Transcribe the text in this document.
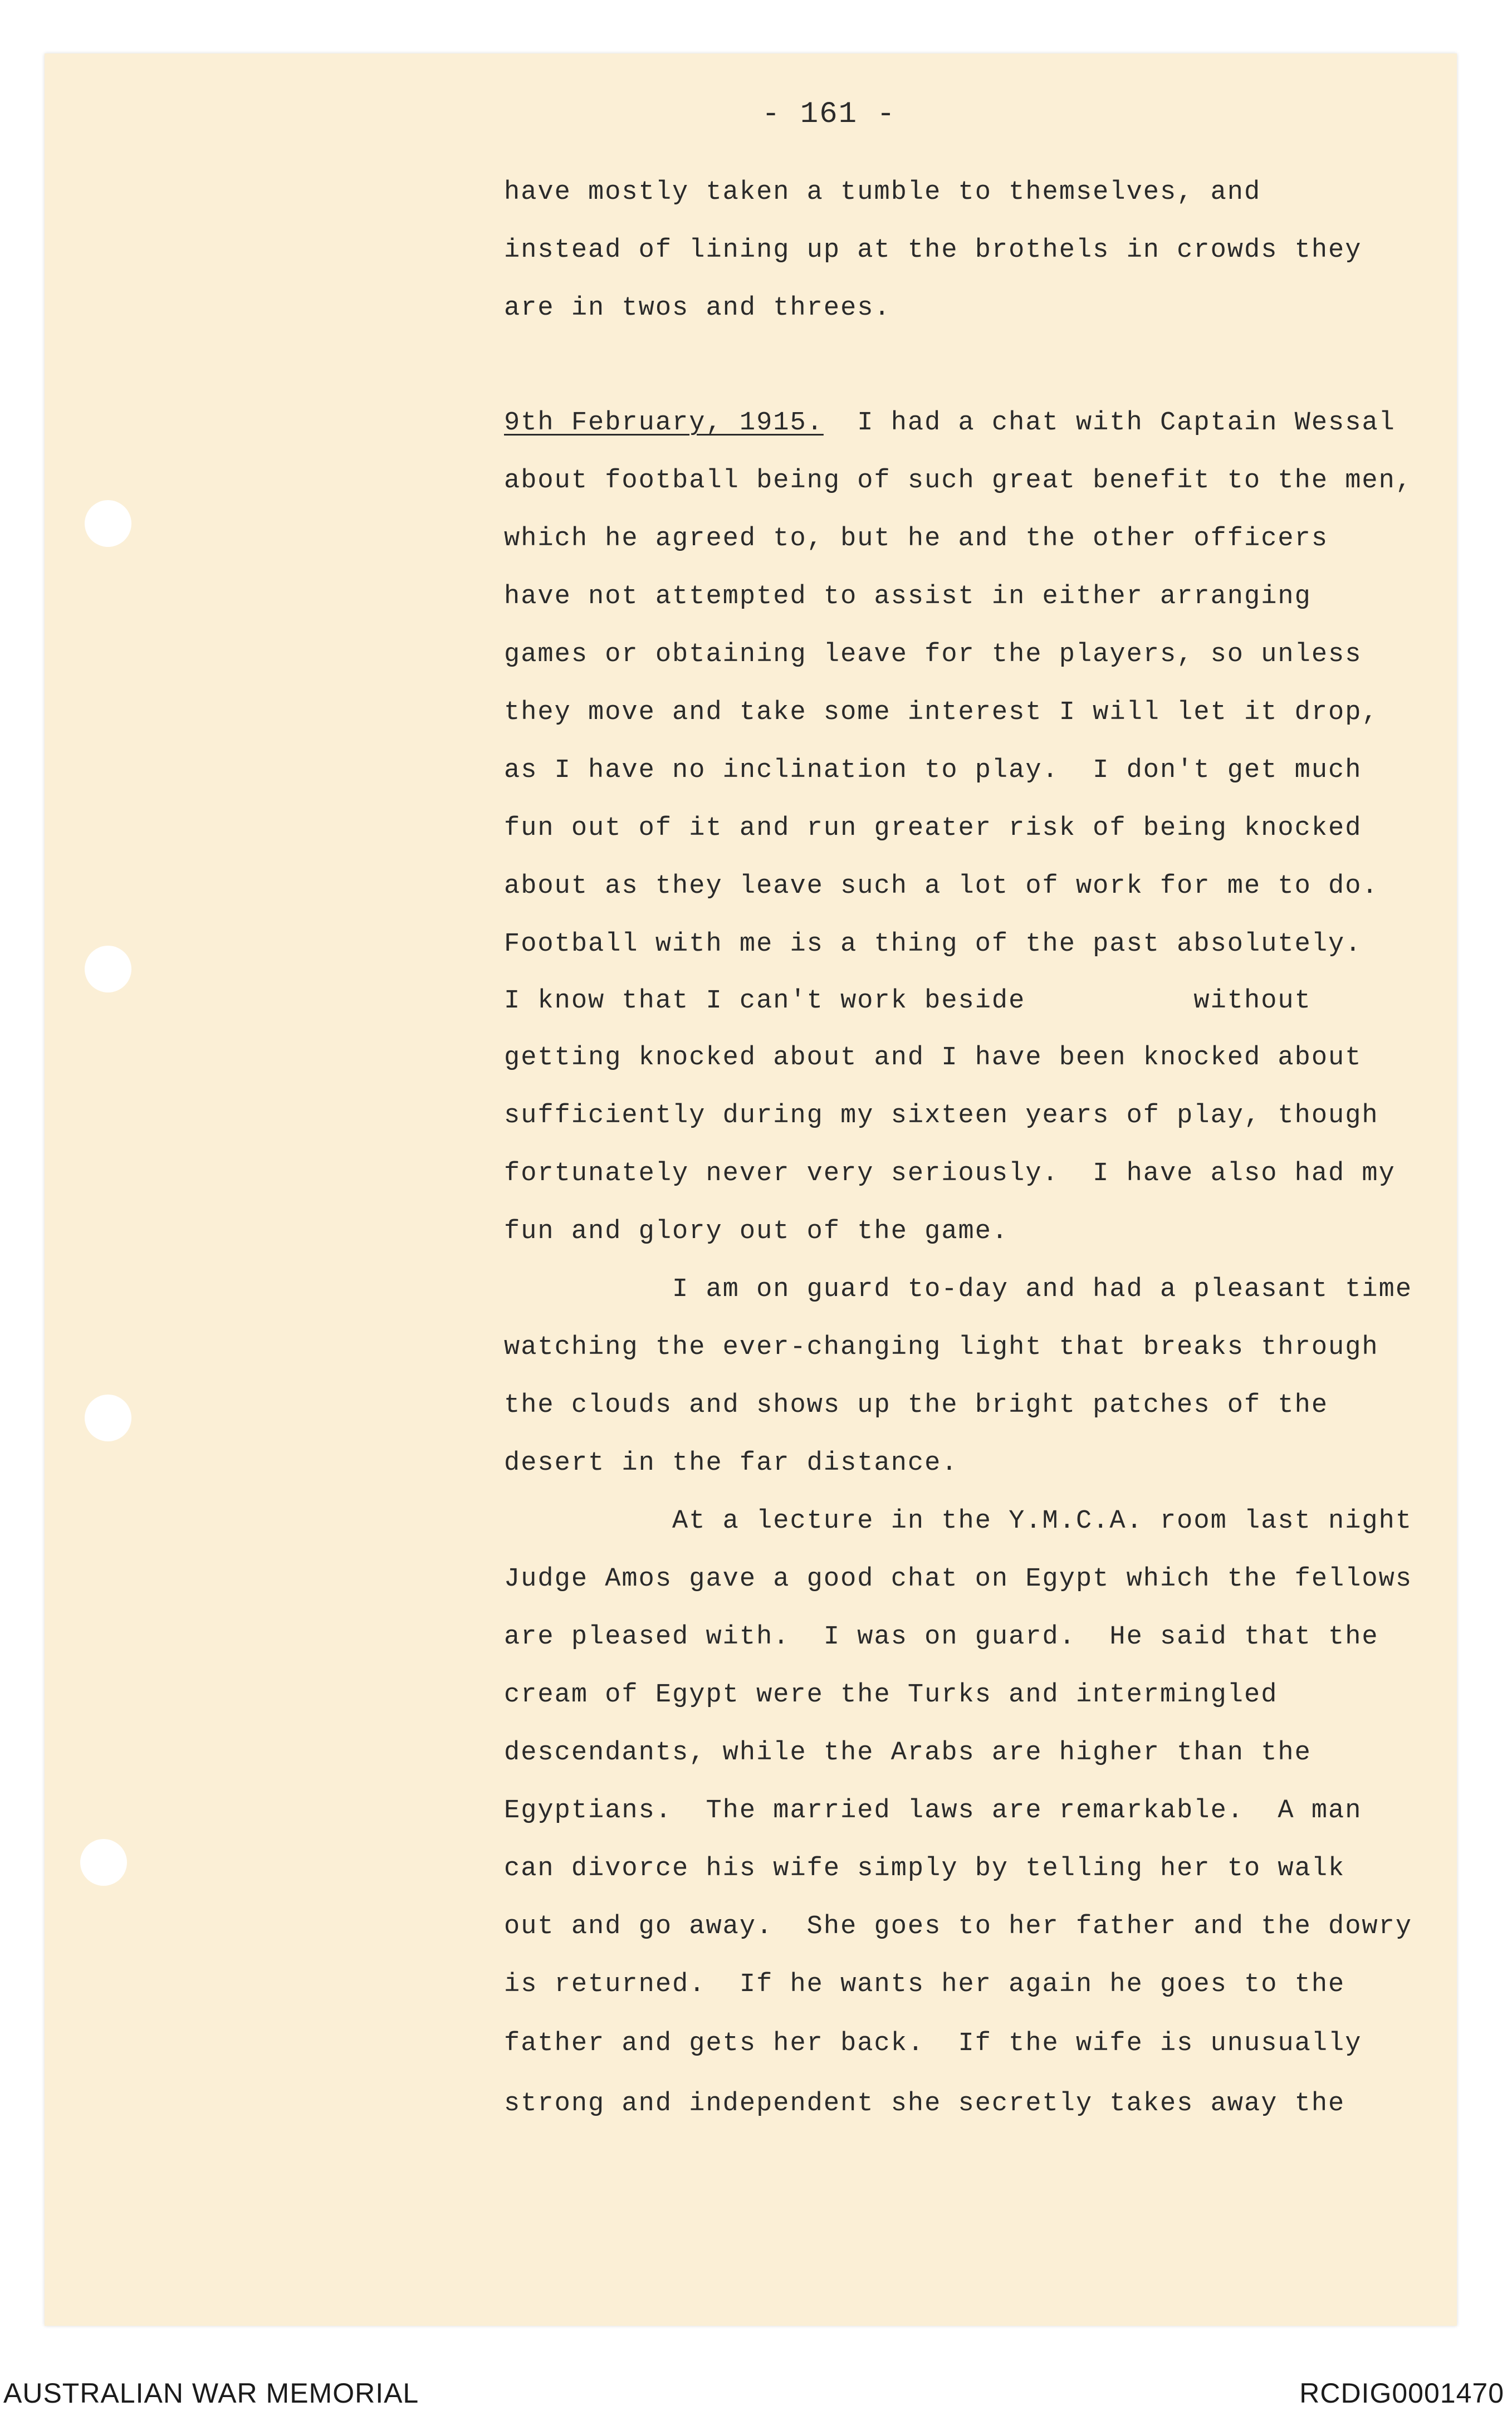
- 161 -
have mostly taken a tumble to themselves, and
instead of lining up at the brothels in crowds they
are in twos and threes.
9th February, 1915.  I had a chat with Captain Wessal
about football being of such great benefit to the men,
which he agreed to, but he and the other officers
have not attempted to assist in either arranging
games or obtaining leave for the players, so unless
they move and take some interest I will let it drop,
as I have no inclination to play.  I don't get much
fun out of it and run greater risk of being knocked
about as they leave such a lot of work for me to do.
Football with me is a thing of the past absolutely.
I know that I can't work beside          without
getting knocked about and I have been knocked about
sufficiently during my sixteen years of play, though
fortunately never very seriously.  I have also had my
fun and glory out of the game.
I am on guard to-day and had a pleasant time
watching the ever-changing light that breaks through
the clouds and shows up the bright patches of the
desert in the far distance.
At a lecture in the Y.M.C.A. room last night
Judge Amos gave a good chat on Egypt which the fellows
are pleased with.  I was on guard.  He said that the
cream of Egypt were the Turks and intermingled
descendants, while the Arabs are higher than the
Egyptians.  The married laws are remarkable.  A man
can divorce his wife simply by telling her to walk
out and go away.  She goes to her father and the dowry
is returned.  If he wants her again he goes to the
father and gets her back.  If the wife is unusually
strong and independent she secretly takes away the
AUSTRALIAN WAR MEMORIAL	RCDIG0001470
